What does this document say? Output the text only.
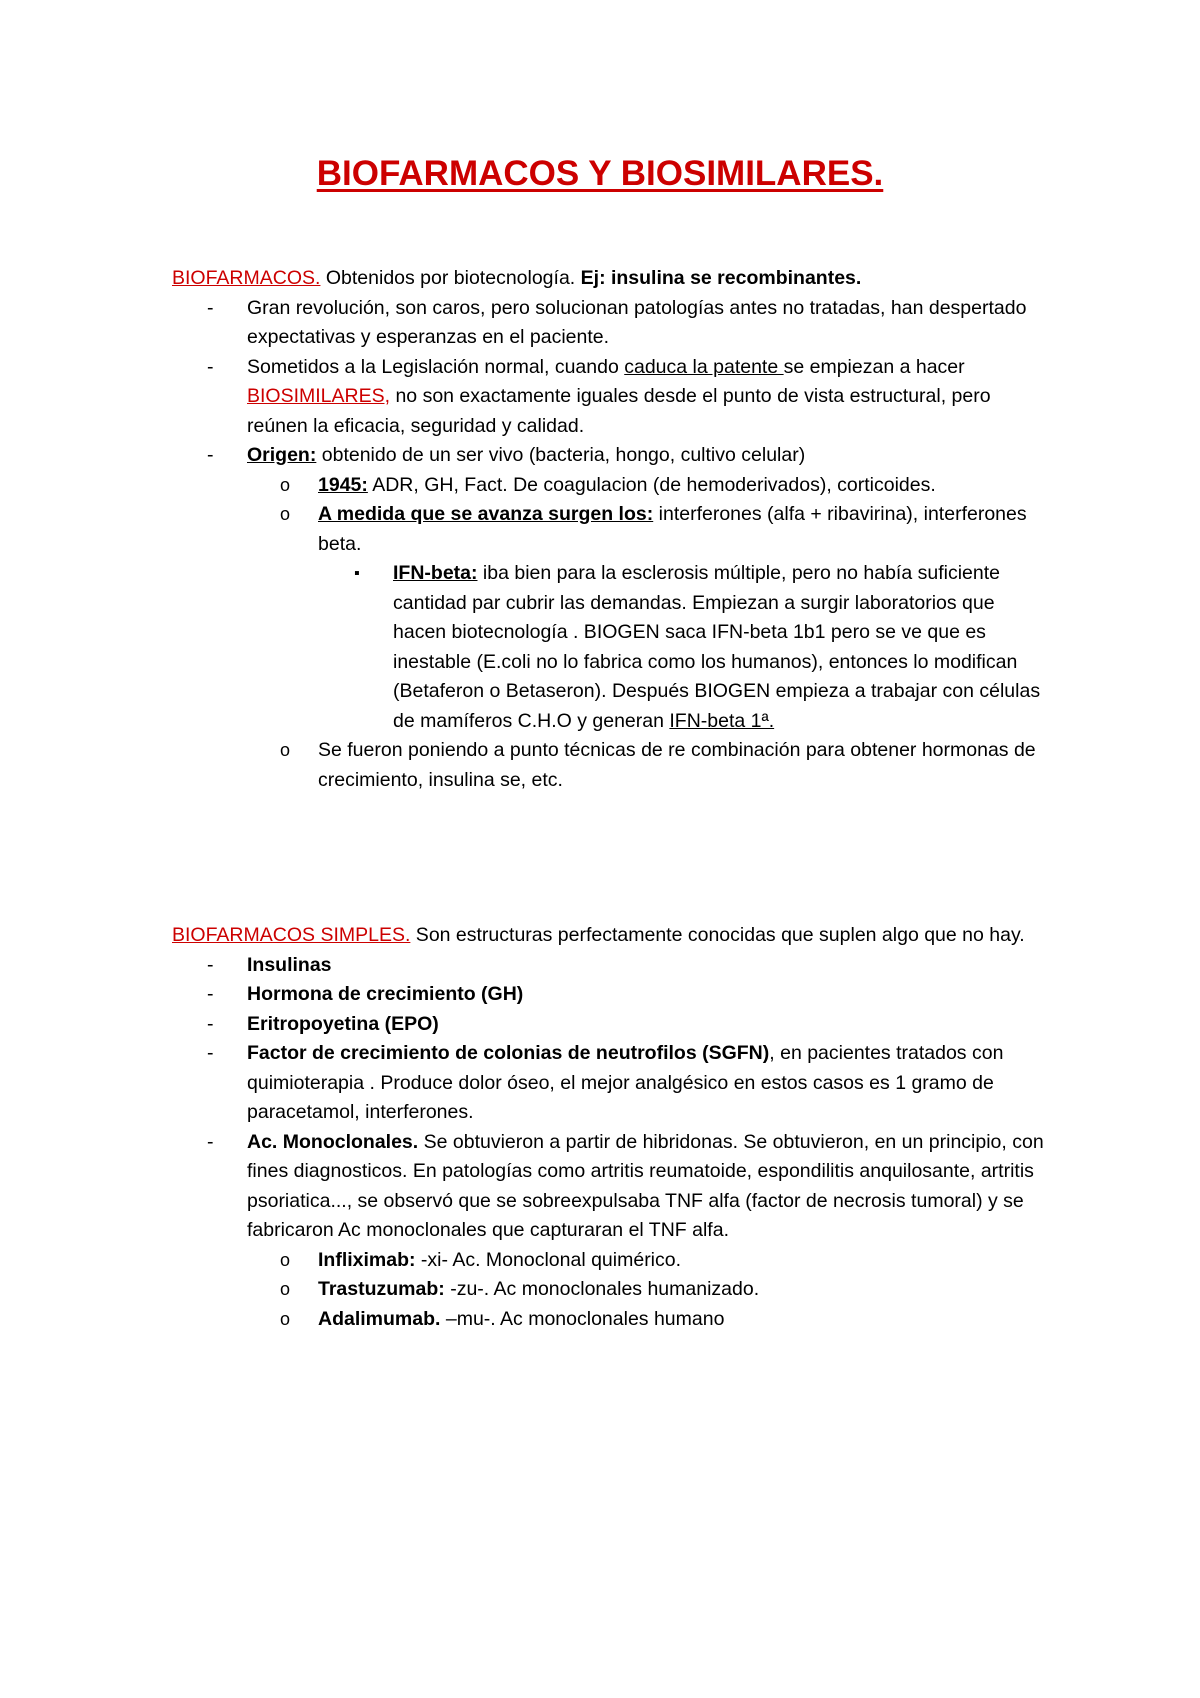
BIOFARMACOS Y BIOSIMILARES.

BIOFARMACOS. Obtenidos por biotecnología. Ej: insulina se recombinantes.

- Gran revolución, son caros, pero solucionan patologías antes no tratadas, han despertado expectativas y esperanzas en el paciente.
- Sometidos a la Legislación normal, cuando caduca la patente se empiezan a hacer BIOSIMILARES, no son exactamente iguales desde el punto de vista estructural, pero reúnen la eficacia, seguridad y calidad.
- Origen: obtenido de un ser vivo (bacteria, hongo, cultivo celular)
o 1945: ADR, GH, Fact. De coagulacion (de hemoderivados), corticoides.
o A medida que se avanza surgen los: interferones (alfa + ribavirina), interferones beta.
▪ IFN-beta: iba bien para la esclerosis múltiple, pero no había suficiente cantidad par cubrir las demandas. Empiezan a surgir laboratorios que hacen biotecnología . BIOGEN saca IFN-beta 1b1 pero se ve que es inestable (E.coli no lo fabrica como los humanos), entonces lo modifican (Betaferon o Betaseron). Después BIOGEN empieza a trabajar con células de mamíferos C.H.O y generan IFN-beta 1ª.
o Se fueron poniendo a punto técnicas de re combinación para obtener hormonas de crecimiento, insulina se, etc.

BIOFARMACOS SIMPLES. Son estructuras perfectamente conocidas que suplen algo que no hay.

- Insulinas
- Hormona de crecimiento (GH)
- Eritropoyetina (EPO)
- Factor de crecimiento de colonias de neutrofilos (SGFN), en pacientes tratados con quimioterapia . Produce dolor óseo, el mejor analgésico en estos casos es 1 gramo de paracetamol, interferones.
- Ac. Monoclonales. Se obtuvieron a partir de hibridonas. Se obtuvieron, en un principio, con fines diagnosticos. En patologías como artritis reumatoide, espondilitis anquilosante, artritis psoriatica..., se observó que se sobreexpulsaba TNF alfa (factor de necrosis tumoral) y se fabricaron Ac monoclonales que capturaran el TNF alfa.
o Infliximab: -xi- Ac. Monoclonal quimérico.
o Trastuzumab: -zu-. Ac monoclonales humanizado.
o Adalimumab. –mu-. Ac monoclonales humano
